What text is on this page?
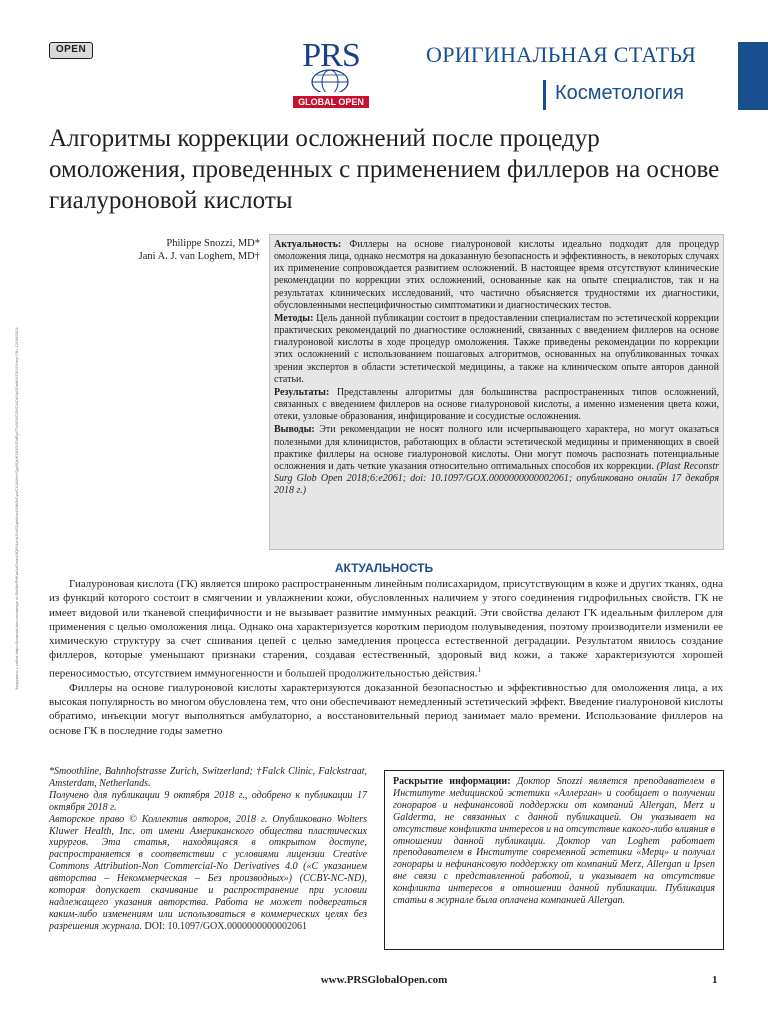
OPEN	PRS
GLOBAL OPEN
ОРИГИНАЛЬНАЯ СТАТЬЯ
Косметология
Алгоритмы коррекции осложнений после процедур омоложения, проведенных с применением филлеров на основе гиалуроновой кислоты
Загружено с сайта https://journals.lww.com/prsgo от Bh/MePHKav1zEoum1tQfN4a+kJLhEZgbsIHo4XMi0hCywCX1AWnYQp/IlQrHD3i3D0OdRyi7TvSFl4Cf3VC4/OAVpDDa8KKGKV0Ymy+78= 12/18/2024
Philippe Snozzi, MD*
Jani A. J. van Loghem, MD†

Актуальность: Филлеры на основе гиалуроновой кислоты идеально подходят для процедур омоложения лица, однако несмотря на доказанную безопасность и эффективность, в некоторых случаях их применение сопровождается развитием осложнений. В настоящее время отсутствуют клинические рекомендации по коррекции этих осложнений, основанные как на опыте специалистов, так и на результатах клинических исследований, что частично объясняется трудностями их диагностики, обусловленными неспецифичностью симптоматики и диагностических тестов.

Методы: Цель данной публикации состоит в предоставлении специалистам по эстетической коррекции практических рекомендаций по диагностике осложнений, связанных с введением филлеров на основе гиалуроновой кислоты в ходе процедур омоложения. Также приведены рекомендации по коррекции этих осложнений с использованием пошаговых алгоритмов, основанных на опубликованных точках зрения экспертов в области эстетической медицины, а также на клиническом опыте авторов данной статьи.

Результаты: Представлены алгоритмы для большинства распространенных типов осложнений, связанных с введением филлеров на основе гиалуроновой кислоты, а именно изменения цвета кожи, отеки, узловые образования, инфицирование и сосудистые осложнения.

Выводы: Эти рекомендации не носят полного или исчерпывающего характера, но могут оказаться полезными для клиницистов, работающих в области эстетической медицины и применяющих в своей практике филлеры на основе гиалуроновой кислоты. Они могут помочь распознать потенциальные осложнения и дать четкие указания относительно оптимальных способов их коррекции. (Plast Reconstr Surg Glob Open 2018;6:e2061; doi: 10.1097/GOX.0000000000002061; опубликовано онлайн 17 декабря 2018 г.)

АКТУАЛЬНОСТЬ

Гиалуроновая кислота (ГК) является широко распространенным линейным полисахаридом, присутствующим в коже и других тканях, одна из функций которого состоит в смягчении и увлажнении кожи, обусловленных наличием у этого соединения гидрофильных свойств. ГК не имеет видовой или тканевой специфичности и не вызывает развитие иммунных реакций. Эти свойства делают ГК идеальным филлером для применения с целью омоложения лица. Однако она характеризуется коротким периодом полувыведения, поэтому производители изменили ее химическую структуру за счет сшивания цепей с целью замедления процесса естественной деградации. Результатом явилось создание филлеров, которые уменьшают признаки старения, создавая естественный, здоровый вид кожи, а также характеризуются хорошей переносимостью, отсутствием иммуногенности и большей продолжительностью действия.$^1$

Филлеры на основе гиалуроновой кислоты характеризуются доказанной безопасностью и эффективностью для омоложения лица, а их высокая популярность во многом обусловлена тем, что они обеспечивают немедленный эстетический эффект. Введение гиалуроновой кислоты обратимо, инъекции могут выполняться амбулаторно, а восстановительный период занимает мало времени. Использование филлеров на основе ГК в последние годы заметно

*Smoothline, Bahnhofstrasse Zurich, Switzerland; †Falck Clinic, Falckstraat, Amsterdam, Netherlands.

Получено для публикации 9 октября 2018 г., одобрено к публикации 17 октября 2018 г.

Авторское право © Коллектив авторов, 2018 г. Опубликовано Wolters Kluwer Health, Inc. от имени Американского общества пластических хирургов. Эта статья, находящаяся в открытом доступе, распространяется в соответствии с условиями лицензии Creative Commons Attribution-Non Commercial-No Derivatives 4.0 («С указанием авторства – Некоммерческая – Без производных») (CCBY-NC-ND), которая допускает скачивание и распространение при условии надлежащего указания авторства. Работа не может подвергаться каким-либо изменениям или использоваться в коммерческих целях без разрешения журнала. DOI: 10.1097/GOX.0000000000002061

Раскрытие информации: Доктор Snozzi является преподавателем в Институте медицинской эстетики «Аллерган» и сообщает о получении гонораров и нефинансовой поддержки от компаний Allergan, Merz и Galderma, не связанных с данной публикацией. Он указывает на отсутствие конфликта интересов и на отсутствие какого-либо влияния в отношении данной публикации. Доктор van Loghem работает преподавателем в Институте современной эстетики «Мерц» и получал гонорары и нефинансовую поддержку от компаний Merz, Allergan и Ipsen вне связи с представленной работой, и указывает на отсутствие конфликта интересов в отношении данной публикации. Публикация статьи в журнале была оплачена компанией Allergan.
www.PRSGlobalOpen.com	1
